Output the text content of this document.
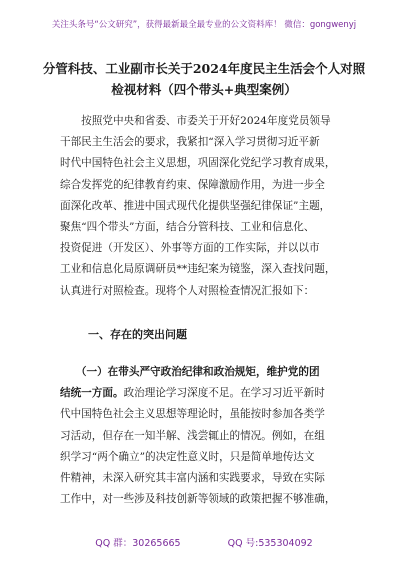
关注头条号“公文研究”，获得最新最全最专业的公文资料库！ 微信：gongwenyj
分管科技、工业副市长关于2024年度民主生活会个人对照
检视材料（四个带头+典型案例）
　　按照党中央和省委、市委关于开好2024年度党员领导
干部民主生活会的要求，我紧扣“深入学习贯彻习近平新
时代中国特色社会主义思想，巩固深化党纪学习教育成果，
综合发挥党的纪律教育约束、保障激励作用，为进一步全
面深化改革、推进中国式现代化提供坚强纪律保证”主题，
聚焦“四个带头”方面，结合分管科技、工业和信息化、
投资促进（开发区）、外事等方面的工作实际，并以以市
工业和信息化局原调研员**违纪案为镜鉴，深入查找问题，
认真进行对照检查。现将个人对照检查情况汇报如下：
一、存在的突出问题
　　（一）在带头严守政治纪律和政治规矩，维护党的团
结统一方面。政治理论学习深度不足。在学习习近平新时
代中国特色社会主义思想等理论时，虽能按时参加各类学
习活动，但存在一知半解、浅尝辄止的情况。例如，在组
织学习“两个确立”的决定性意义时，只是简单地传达文
件精神，未深入研究其丰富内涵和实践要求，导致在实际
工作中，对一些涉及科技创新等领域的政策把握不够准确，
QQ 群：30265665	QQ 号:535304092
